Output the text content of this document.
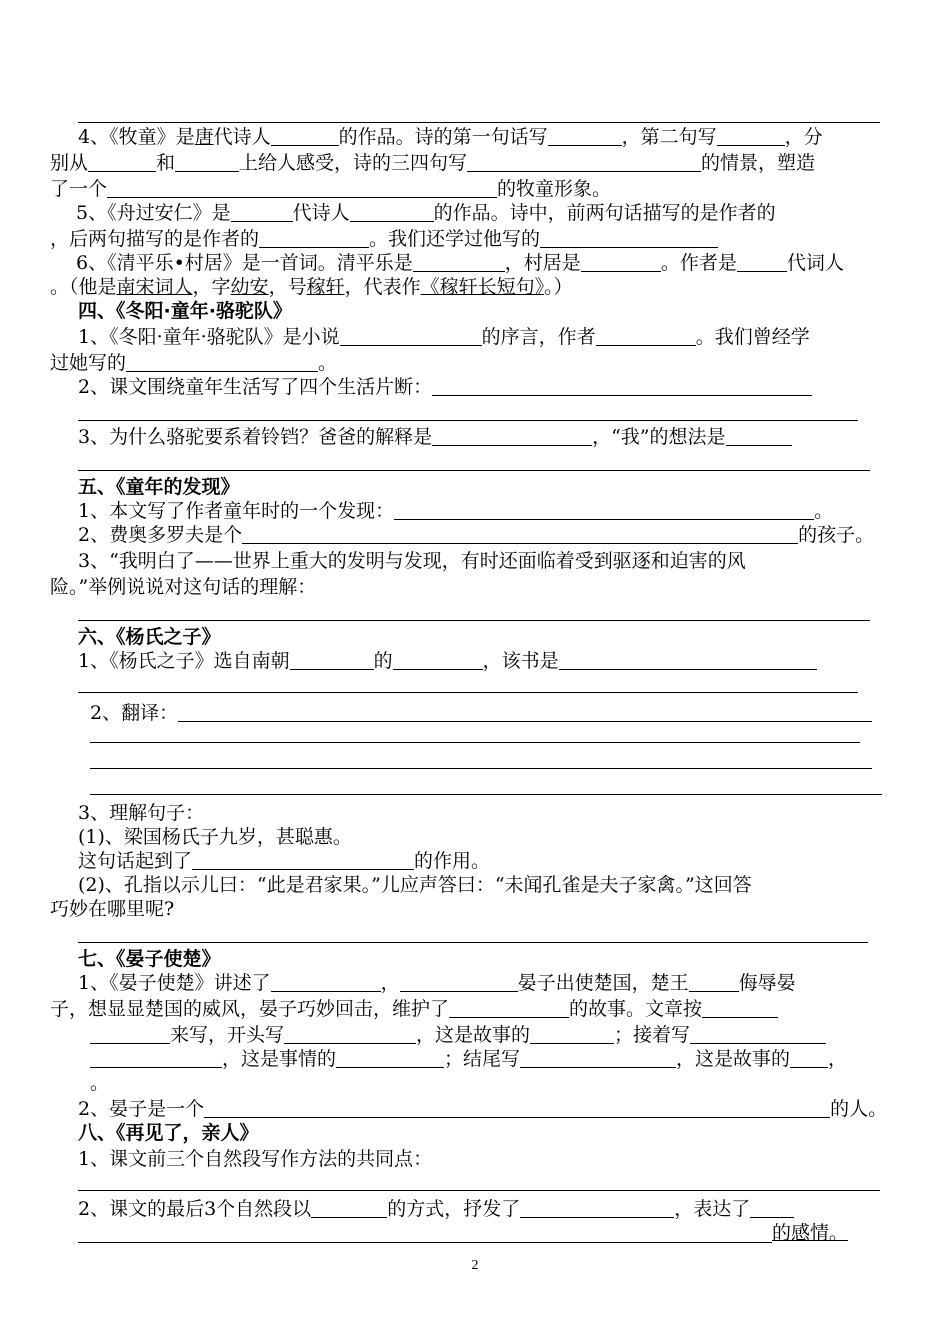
4、《牧童》是唐代诗人	的作品。诗的第一句话写	，第二句写	，分
别从	和	上给人感受，诗的三四句写	的情景，塑造
了一个	的牧童形象。
5、《舟过安仁》是	代诗人	的作品。诗中，前两句话描写的是作者的
，后两句描写的是作者的	。我们还学过他写的
6、《清平乐•村居》是一首词。清平乐是	，村居是	。作者是	代词人
。（他是南宋词人，字幼安，号稼轩，代表作《稼轩长短句》。）
四、《冬阳·童年·骆驼队》
1、《冬阳·童年·骆驼队》是小说	的序言，作者	。我们曾经学
过她写的	。
2、课文围绕童年生活写了四个生活片断：
3、为什么骆驼要系着铃铛？爸爸的解释是	，“我”的想法是
五、《童年的发现》
1、本文写了作者童年时的一个发现：	。
2、费奥多罗夫是个	的孩子。
3、“我明白了——世界上重大的发明与发现，有时还面临着受到驱逐和迫害的风
险。”举例说说对这句话的理解：
六、《杨氏之子》
1、《杨氏之子》选自南朝	的	，该书是
2、翻译：
3、理解句子：
(1)、梁国杨氏子九岁，甚聪惠。
这句话起到了	的作用。
(2)、孔指以示儿曰：“此是君家果。”儿应声答曰：“未闻孔雀是夫子家禽。”这回答
巧妙在哪里呢?
七、《晏子使楚》
1、《晏子使楚》讲述了	，	晏子出使楚国，楚王	侮辱晏
子，想显显楚国的威风，晏子巧妙回击，维护了	的故事。文章按
来写，开头写	，这是故事的	；接着写
，这是事情的	；结尾写	，这是故事的 ，
。
2、晏子是一个	的人。
八、《再见了，亲人》
1、课文前三个自然段写作方法的共同点：
2、课文的最后3个自然段以	的方式，抒发了	，表达了
的感情。
2
